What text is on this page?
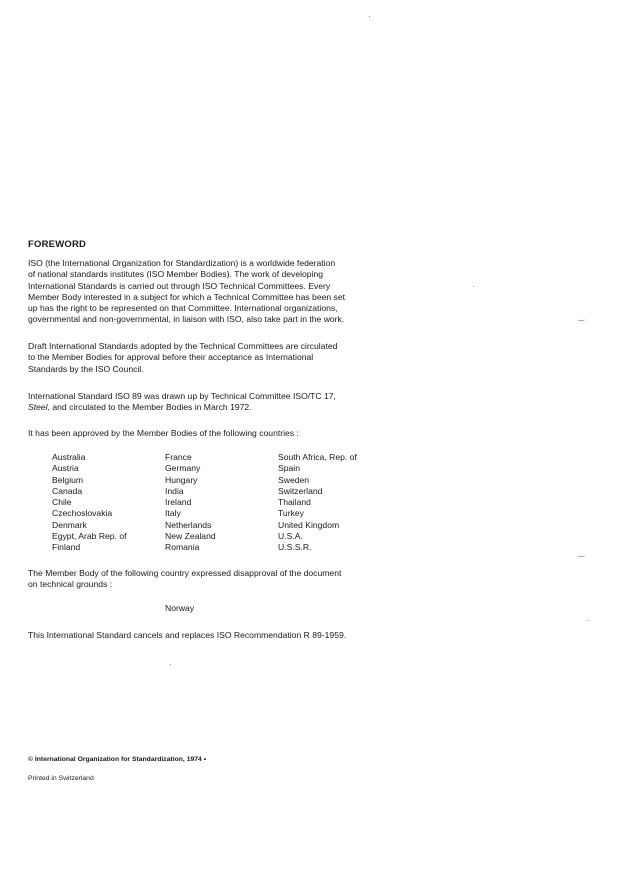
FOREWORD
ISO (the International Organization for Standardization) is a worldwide federation
of national standards institutes (ISO Member Bodies). The work of developing
International Standards is carried out through ISO Technical Committees. Every
Member Body interested in a subject for which a Technical Committee has been set
up has the right to be represented on that Committee. International organizations,
governmental and non-governmental, in liaison with ISO, also take part in the work.
Draft International Standards adopted by the Technical Committees are circulated
to the Member Bodies for approval before their acceptance as International
Standards by the ISO Council.
International Standard ISO 89 was drawn up by Technical Committee ISO/TC 17,
Steel, and circulated to the Member Bodies in March 1972.
It has been approved by the Member Bodies of the following countries :
Australia
Austria
Belgium
Canada
Chile
Czechoslovakia
Denmark
Egypt, Arab Rep. of
Finland
France
Germany
Hungary
India
Ireland
Italy
Netherlands
New Zealand
Romania
South Africa, Rep. of
Spain
Sweden
Switzerland
Thailand
Turkey
United Kingdom
U.S.A.
U.S.S.R.
The Member Body of the following country expressed disapproval of the document
on technical grounds :
Norway
This International Standard cancels and replaces ISO Recommendation R 89-1959.
© International Organization for Standardization, 1974 •
Printed in Switzerland
‿
‿
